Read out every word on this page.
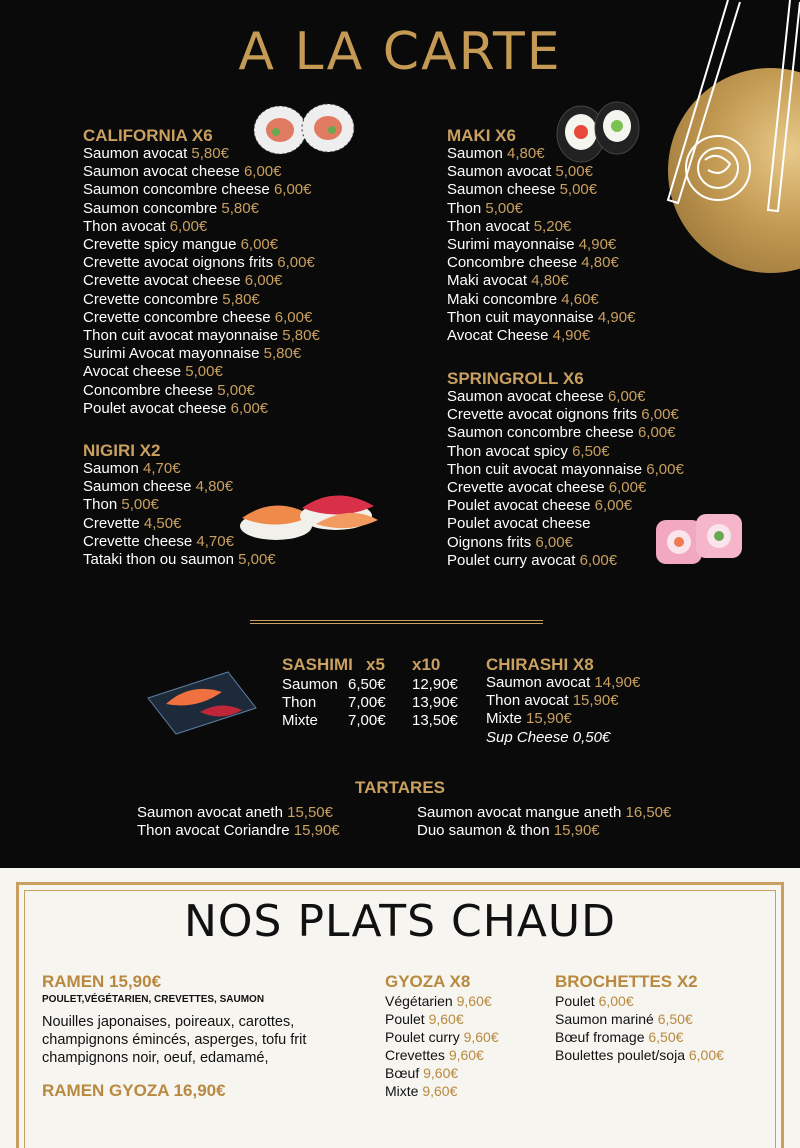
A LA CARTE
CALIFORNIA X6
Saumon avocat 5,80€
Saumon avocat cheese 6,00€
Saumon concombre cheese 6,00€
Saumon concombre 5,80€
Thon avocat 6,00€
Crevette spicy mangue 6,00€
Crevette avocat oignons frits 6,00€
Crevette avocat cheese 6,00€
Crevette concombre 5,80€
Crevette concombre cheese 6,00€
Thon cuit avocat mayonnaise 5,80€
Surimi Avocat mayonnaise 5,80€
Avocat cheese 5,00€
Concombre cheese 5,00€
Poulet avocat cheese 6,00€
NIGIRI X2
Saumon 4,70€
Saumon cheese 4,80€
Thon 5,00€
Crevette 4,50€
Crevette cheese 4,70€
Tataki thon ou saumon 5,00€
MAKI X6
Saumon 4,80€
Saumon avocat 5,00€
Saumon cheese 5,00€
Thon 5,00€
Thon avocat 5,20€
Surimi mayonnaise 4,90€
Concombre cheese 4,80€
Maki avocat 4,80€
Maki concombre 4,60€
Thon cuit mayonnaise 4,90€
Avocat Cheese 4,90€
SPRINGROLL X6
Saumon avocat cheese 6,00€
Crevette avocat oignons frits 6,00€
Saumon concombre cheese 6,00€
Thon avocat spicy 6,50€
Thon cuit avocat mayonnaise 6,00€
Crevette avocat cheese 6,00€
Poulet avocat cheese 6,00€
Poulet avocat cheese
Oignons frits 6,00€
Poulet curry avocat 6,00€
SASHIMI x5 x10
Saumon 6,50€ 12,90€
Thon 7,00€ 13,90€
Mixte 7,00€ 13,50€
CHIRASHI X8
Saumon avocat 14,90€
Thon avocat 15,90€
Mixte 15,90€
Sup Cheese 0,50€
TARTARES
Saumon avocat aneth 15,50€
Thon avocat Coriandre 15,90€
Saumon avocat mangue aneth 16,50€
Duo saumon & thon 15,90€
NOS PLATS CHAUD
RAMEN 15,90€
POULET,VÉGÉTARIEN, CREVETTES, SAUMON
Nouilles japonaises, poireaux, carottes,
champignons émincés, asperges, tofu frit
champignons noir, oeuf, edamamé,
RAMEN GYOZA 16,90€
GYOZA X8
Végétarien 9,60€
Poulet 9,60€
Poulet curry 9,60€
Crevettes 9,60€
Bœuf 9,60€
Mixte 9,60€
BROCHETTES X2
Poulet 6,00€
Saumon mariné 6,50€
Bœuf fromage 6,50€
Boulettes poulet/soja 6,00€
